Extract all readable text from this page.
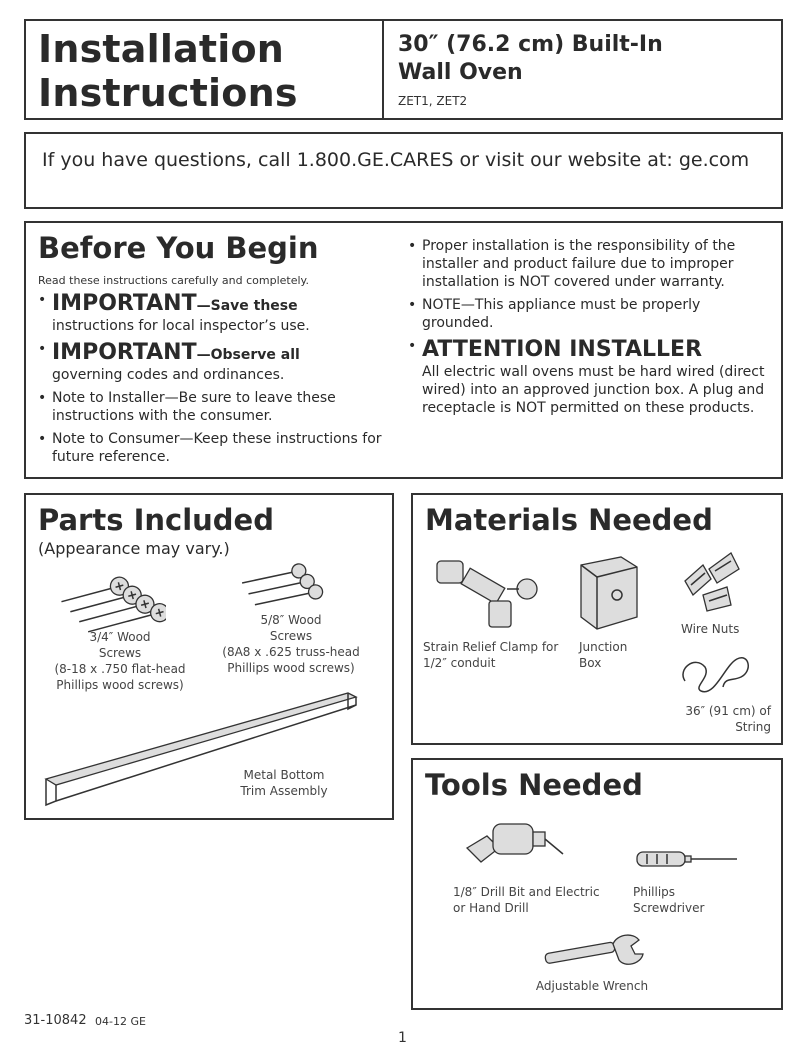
Installation
Instructions
30″ (76.2 cm) Built-In
Wall Oven
ZET1, ZET2
If you have questions, call 1.800.GE.CARES or visit our website at: ge.com
Before You Begin
Read these instructions carefully and completely.
• IMPORTANT—Save these
instructions for local inspector’s use.
• IMPORTANT—Observe all
governing codes and ordinances.
• Note to Installer—Be sure to leave these instructions with the consumer.
• Note to Consumer—Keep these instructions for future reference.
• Proper installation is the responsibility of the installer and product failure due to improper installation is NOT covered under warranty.
• NOTE—This appliance must be properly grounded.
• ATTENTION INSTALLER
All electric wall ovens must be hard wired (direct wired) into an approved junction box. A plug and receptacle is NOT permitted on these products.
Parts Included
(Appearance may vary.)
3/4″ Wood
Screws
(8-18 x .750 flat-head
Phillips wood screws)
5/8″ Wood
Screws
(8A8 x .625 truss-head
Phillips wood screws)
Metal Bottom
Trim Assembly
Materials Needed
Strain Relief Clamp for
1/2″ conduit
Junction
Box
Wire Nuts
36″ (91 cm) of
String
Tools Needed
1/8″ Drill Bit and Electric
or Hand Drill
Phillips
Screwdriver
Adjustable Wrench
31-10842 04-12 GE
1
